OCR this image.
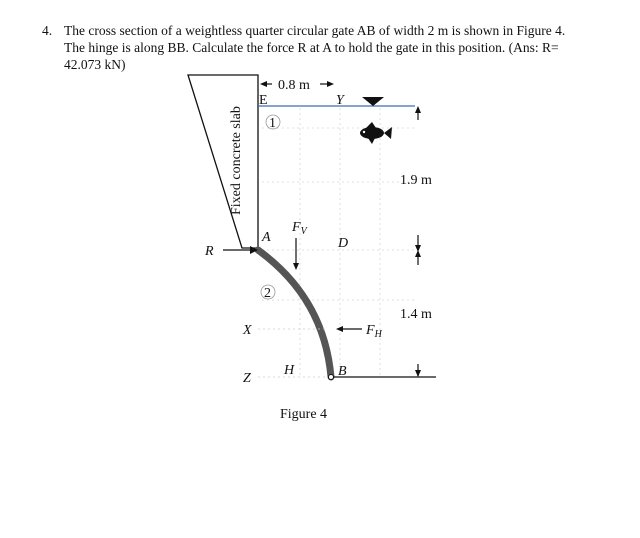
4. The cross section of a weightless quarter circular gate AB of width 2 m is shown in Figure 4.
The hinge is along BB. Calculate the force R at A to hold the gate in this position. (Ans: R=
42.073 kN)
Fixed concrete slab
0.8 m
E	Y
1
1.9 m
1.4 m
R
A	D
$F_V$
2
X	$F_H$
Z
H	B
Figure 4
